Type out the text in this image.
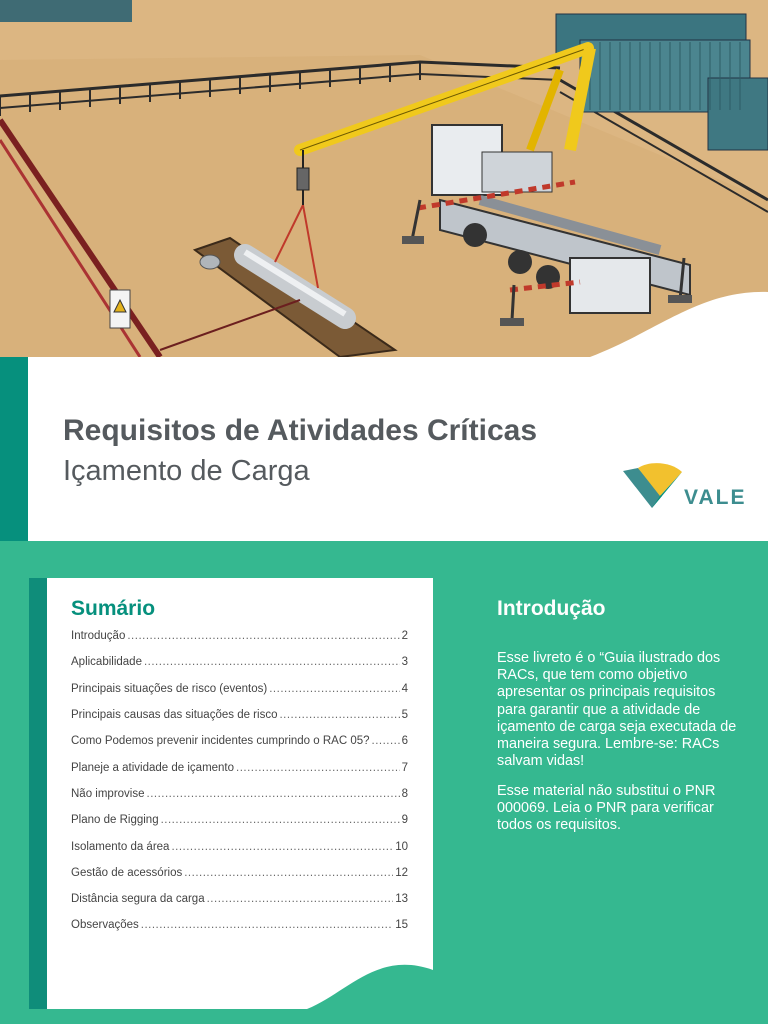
Requisitos de Atividades Críticas
Içamento de Carga
VALE
Sumário
Introdução .....	2
Aplicabilidade .....	3
Principais situações de risco (eventos) .....	4
Principais causas das situações de risco .....	5
Como Podemos prevenir incidentes cumprindo o RAC 05? .....	6
Planeje a atividade de içamento .....	7
Não improvise .....	8
Plano de Rigging .....	9
Isolamento da área .....	10
Gestão de acessórios .....	12
Distância segura da carga .....	13
Observações .....	15
Introdução

Esse livreto é o “Guia ilustrado dos RACs, que tem como objetivo apresentar os principais requisitos para garantir que a atividade de içamento de carga seja executada de maneira segura. Lembre-se: RACs salvam vidas!

Esse material não substitui o PNR 000069. Leia o PNR para verificar todos os requisitos.
